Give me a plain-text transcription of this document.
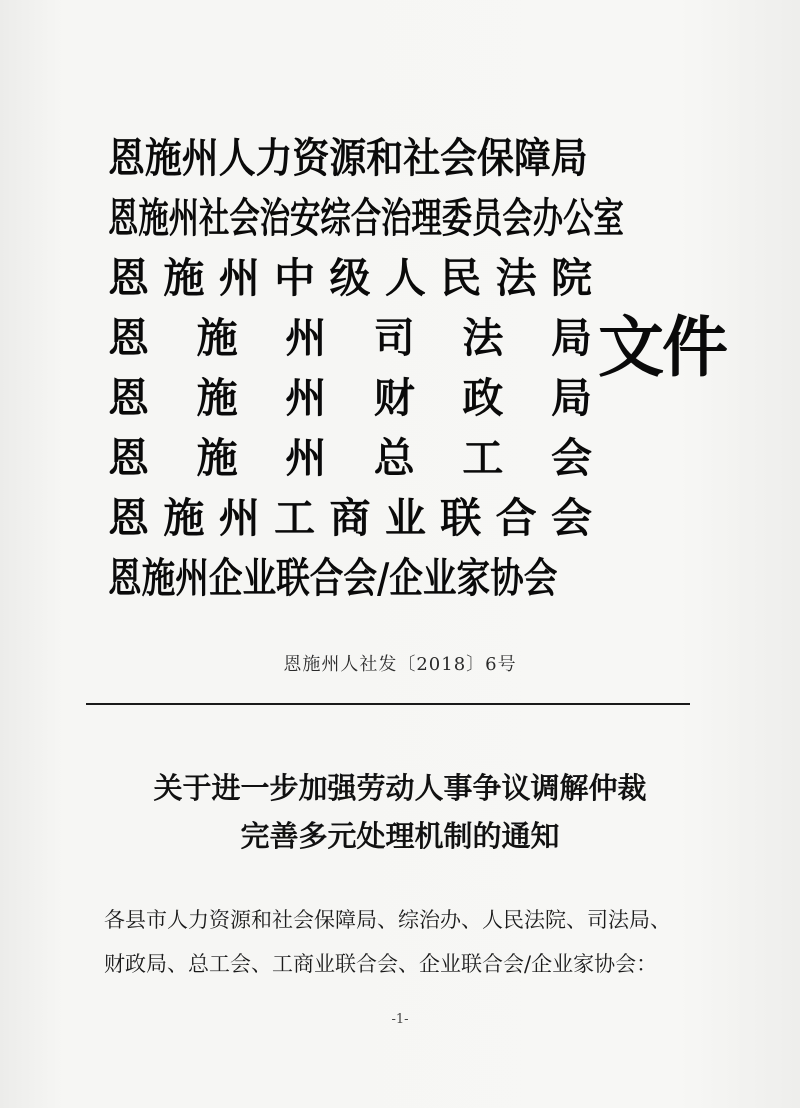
恩施州人力资源和社会保障局
恩施州社会治安综合治理委员会办公室
恩 施 州 中 级 人 民 法 院
恩 施 州 司 法 局
恩 施 州 财 政 局
恩 施 州 总 工 会
恩 施 州 工 商 业 联 合 会
恩施州企业联合会/企业家协会
文件
恩施州人社发〔2018〕6号
关于进一步加强劳动人事争议调解仲裁
完善多元处理机制的通知
各县市人力资源和社会保障局、综治办、人民法院、司法局、
财政局、总工会、工商业联合会、企业联合会/企业家协会：
-1-
